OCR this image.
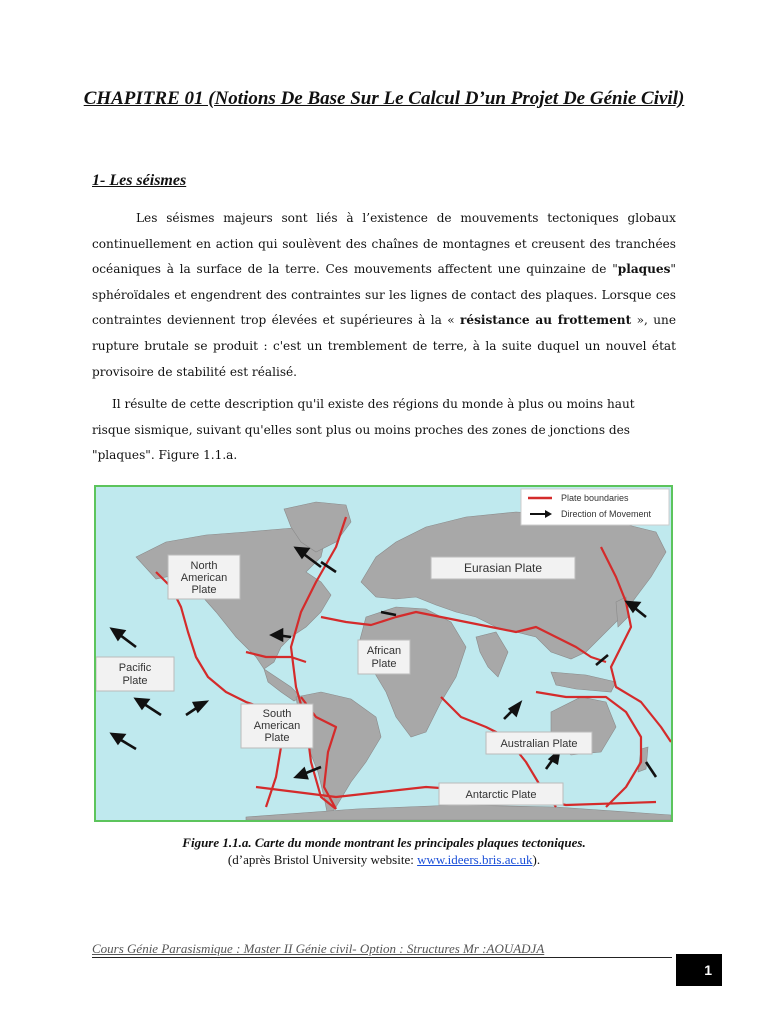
CHAPITRE 01 (Notions De Base Sur Le Calcul D’un Projet De Génie Civil)
1- Les séismes
Les séismes majeurs sont liés à l’existence de mouvements tectoniques globaux continuellement en action qui soulèvent des chaînes de montagnes et creusent des tranchées océaniques à la surface de la terre. Ces mouvements affectent une quinzaine de "plaques" sphéroïdales et engendrent des contraintes sur les lignes de contact des plaques. Lorsque ces contraintes deviennent trop élevées et supérieures à la « résistance au frottement », une rupture brutale se produit : c'est un tremblement de terre, à la suite duquel un nouvel état provisoire de stabilité est réalisé.
Il résulte de cette description qu'il existe des régions du monde à plus ou moins haut risque sismique, suivant qu'elles sont plus ou moins proches des zones de jonctions des "plaques". Figure 1.1.a.
North
American
Plate
Pacific
Plate
South
American
Plate
African
Plate
Eurasian Plate
Australian Plate
Antarctic Plate
Plate boundaries
Direction of Movement
Figure 1.1.a. Carte du monde montrant les principales plaques tectoniques.
(d’après Bristol University website: www.ideers.bris.ac.uk).
Cours Génie Parasismique : Master II Génie civil- Option : Structures Mr :AOUADJA
1
